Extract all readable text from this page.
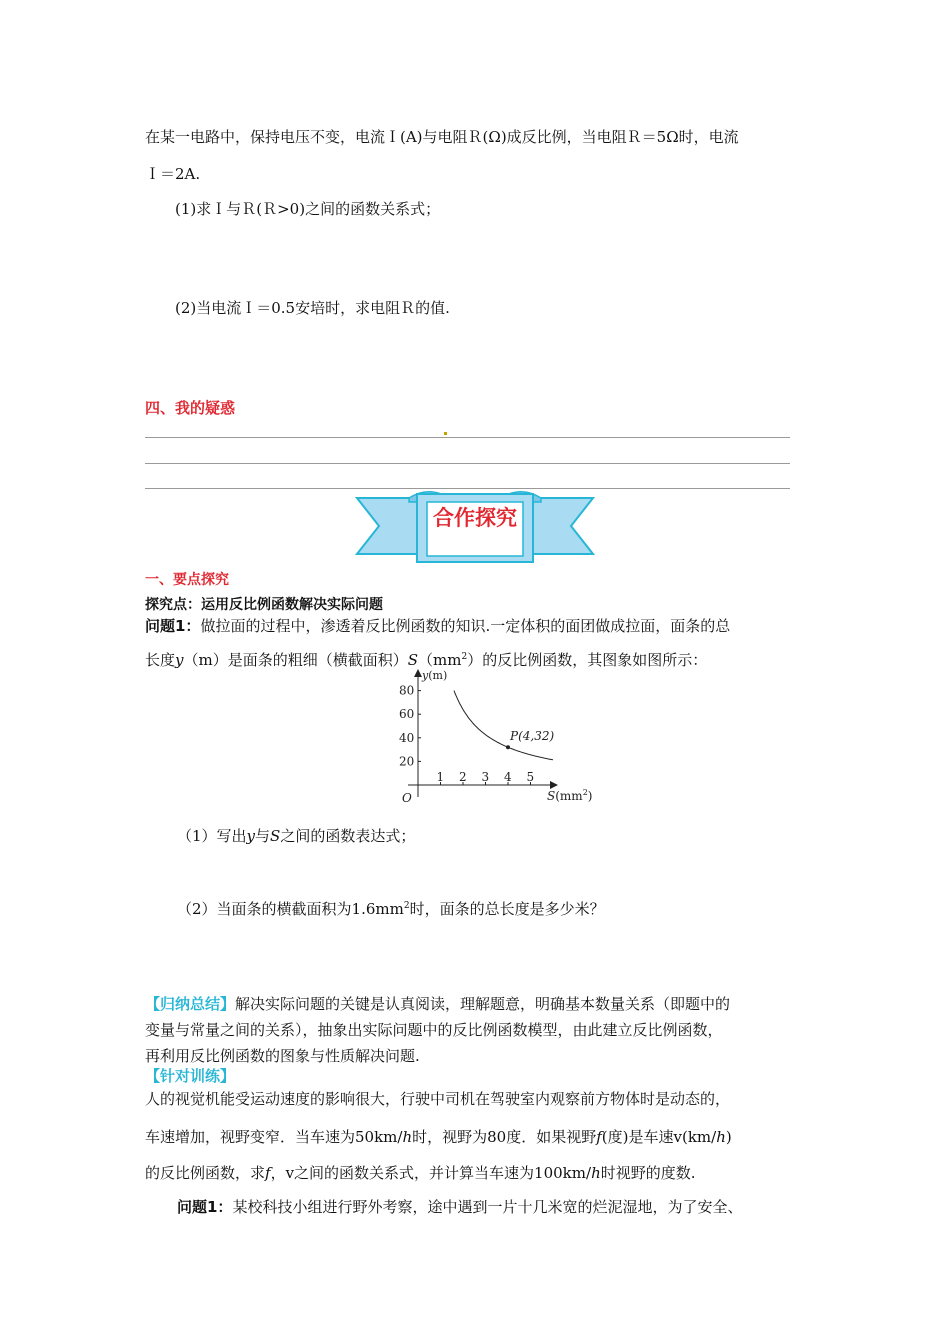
在某一电路中，保持电压不变，电流Ｉ(A)与电阻Ｒ(Ω)成反比例，当电阻Ｒ＝5Ω时，电流
Ｉ＝2A.
(1)求Ｉ与Ｒ(Ｒ>0)之间的函数关系式；
(2)当电流Ｉ＝0.5安培时，求电阻Ｒ的值.
四、我的疑惑
合作探究
一、要点探究
探究点：运用反比例函数解决实际问题
问题1：做拉面的过程中，渗透着反比例函数的知识.一定体积的面团做成拉面，面条的总
长度y（m）是面条的粗细（横截面积）$S(mm^2)$的反比例函数，其图象如图所示：
1 2 3 4 5
20
40
60
80
P(4,32)
O
y(m)
$S(mm^2)$
（1）写出y与S之间的函数表达式；
（2）当面条的横截面积为$1.6mm^2$时，面条的总长度是多少米？
【归纳总结】解决实际问题的关键是认真阅读，理解题意，明确基本数量关系（即题中的
变量与常量之间的关系），抽象出实际问题中的反比例函数模型，由此建立反比例函数，
再利用反比例函数的图象与性质解决问题.
【针对训练】
人的视觉机能受运动速度的影响很大，行驶中司机在驾驶室内观察前方物体时是动态的，
车速增加，视野变窄．当车速为50km/h时，视野为80度．如果视野f(度)是车速v(km/h)
的反比例函数，求f，v之间的函数关系式，并计算当车速为100km/h时视野的度数.
问题1：某校科技小组进行野外考察，途中遇到一片十几米宽的烂泥湿地，为了安全、
